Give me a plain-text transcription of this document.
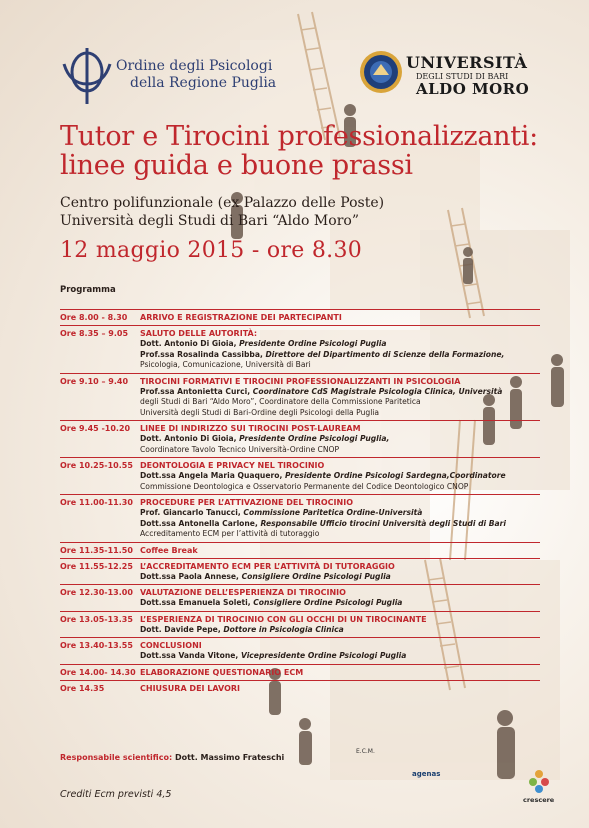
Ordine degli Psicologi
della Regione Puglia
UNIVERSITÀ
DEGLI STUDI DI BARI
ALDO MORO
Tutor e Tirocini professionalizzanti:
linee guida e buone prassi
Centro polifunzionale (ex Palazzo delle Poste)
Università degli Studi di Bari “Aldo Moro”
12 maggio 2015 - ore 8.30
Programma
Ore 8.00 - 8.30	ARRIVO E REGISTRAZIONE DEI PARTECIPANTI
Ore 8.35 – 9.05	SALUTO DELLE AUTORITÀ:
Dott. Antonio Di Gioia, Presidente Ordine Psicologi Puglia
Prof.ssa Rosalinda Cassibba, Direttore del Dipartimento di Scienze della Formazione,
Psicologia, Comunicazione, Università di Bari
Ore 9.10 – 9.40	TIROCINI FORMATIVI E TIROCINI PROFESSIONALIZZANTI IN PSICOLOGIA
Prof.ssa Antonietta Curci, Coordinatore CdS Magistrale Psicologia Clinica, Università
degli Studi di Bari “Aldo Moro”, Coordinatore della Commissione Paritetica
Università degli Studi di Bari-Ordine degli Psicologi della Puglia
Ore 9.45 -10.20	LINEE DI INDIRIZZO SUI TIROCINI POST-LAUREAM
Dott. Antonio Di Gioia, Presidente Ordine Psicologi Puglia,
Coordinatore Tavolo Tecnico Università-Ordine CNOP
Ore 10.25-10.55 DEONTOLOGIA E PRIVACY NEL TIROCINIO
Dott.ssa Angela Maria Quaquero, Presidente Ordine Psicologi Sardegna,Coordinatore
Commissione Deontologica e Osservatorio Permanente del Codice Deontologico CNOP
Ore 11.00-11.30 PROCEDURE PER L’ATTIVAZIONE DEL TIROCINIO
Prof. Giancarlo Tanucci, Commissione Paritetica Ordine-Università
Dott.ssa Antonella Carlone, Responsabile Ufficio tirocini Università degli Studi di Bari
Accreditamento ECM per l’attività di tutoraggio
Ore 11.35-11.50 Coffee Break
Ore 11.55-12.25 L’ACCREDITAMENTO ECM PER L’ATTIVITÀ DI TUTORAGGIO
Dott.ssa Paola Annese, Consigliere Ordine Psicologi Puglia
Ore 12.30-13.00 VALUTAZIONE DELL’ESPERIENZA DI TIROCINIO
Dott.ssa Emanuela Soleti, Consigliere Ordine Psicologi Puglia
Ore 13.05-13.35 L’ESPERIENZA DI TIROCINIO CON GLI OCCHI DI UN TIROCINANTE
Dott. Davide Pepe, Dottore in Psicologia Clinica
Ore 13.40-13.55 CONCLUSIONI
Dott.ssa Vanda Vitone, Vicepresidente Ordine Psicologi Puglia
Ore 14.00- 14.30 ELABORAZIONE QUESTIONARIO ECM
Ore 14.35	CHIUSURA DEI LAVORI
Responsabile scientifico: Dott. Massimo Frateschi
E.C.M.
agenas
crescere
Crediti Ecm previsti 4,5
